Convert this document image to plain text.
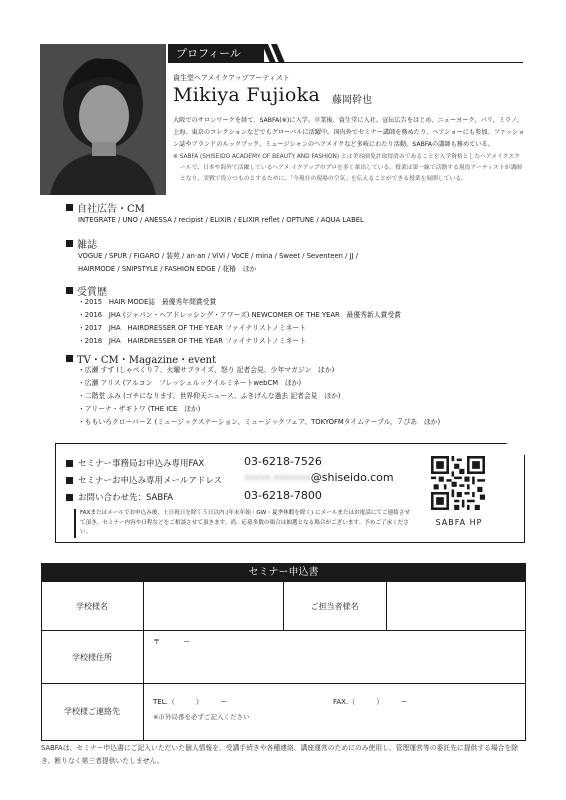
プロフィール
資生堂ヘアメイクアップアーティスト
Mikiya Fujioka 藤岡幹也
大阪でのサロンワークを経て、SABFA(※)に入学。卒業後、資生堂に入社。宣伝広告をはじめ、ニューヨーク、パリ、ミラノ、上海、東京のコレクションなどでもグローバルに活躍中。国内外でセミナー講師を務めたり、ヘアショーにも参加。ファッション誌やブランドのルックブック、ミュージシャンのヘアメイクなど多岐にわたり活動。SABFAの講師も務めている。
※ SABFA (SHISEIDO ACADEMY OF BEAUTY AND FASHION) とは美容師免許取得済みであることを入学資格としたヘアメイクスクールで、日本や海外で活躍しているヘアメ イクアップのプロを多く輩出している。授業は第一線で活動する現役アーティストが講師となり、実戦で役立つものとするために、「今現在の現場の空気」を伝えることができる授業を展開している。
自社広告・CM
INTEGRATE / UNO / ANESSA / recipist / ELIXIR / ELIXIR reflet / OPTUNE / AQUA LABEL
雑誌
VOGUE / SPUR / FIGARO / 装苑 / an·an / ViVi / VoCE / mina / Sweet / Seventeen / JJ /
HAIRMODE / SNIPSTYLE / FASHION EDGE / 花椿　ほか
受賞歴
・2015　HAIR MODE誌　最優秀年間賞受賞
・2016　JHA (ジャパン・ヘアドレッシング・アワーズ) NEWCOMER OF THE YEAR　最優秀新人賞受賞
・2017　JHA　HAIRDRESSER OF THE YEAR ファイナリストノミネート
・2018　JHA　HAIRDRESSER OF THE YEAR ファイナリストノミネート
TV・CM・Magazine・event
・広瀬 すず (しゃべくり７、火曜サプライズ、怒り 記者会見、少年マガジン　ほか)
・広瀬 アリス (アルコン　フレッシュルックイルミネートwebCM　ほか)
・二階堂 ふみ (ゴチになります、世界仰天ニュース、ふきげんな過去 記者会見　ほか)
・アリーナ・ザギトワ (THE ICE　ほか)
・ももいろクローバーＺ (ミュージックステーション、ミュージックフェア、TOKYOFMタイムテーブル、７ぴあ　ほか)
セミナー事務局お申込み専用FAX	03-6218-7526
セミナーお申込み専用メールアドレス xxxxx.xxxxxxx @shiseido.com
お問い合わせ先：SABFA	03-6218-7800
FAXまたはメールでお申込み後、土日祝日を除く５日以内 (年末年始・GW・夏季休暇を除く) にメールまたはお電話にてご連絡させて頂き、セミナー内容や日程などをご相談させて頂きます。尚、応募多数の場合は抽選となる場合がございます。予めご了承ください。
SABFA HP
セミナー申込書
学校様名	ご担当者様名
学校様住所
〒　　　 ー
学校様ご連絡先
TEL.（　　　）　　　ー	FAX.（　　　）　　　ー
※市外局番を必ずご記入ください
SABFAは、セミナー申込書にご記入いただいた個人情報を、受講手続きや各種連絡、講座運営のためにのみ使用し、管理運営等の委託先に提供する場合を除き、断りなく第三者提供いたしません。
